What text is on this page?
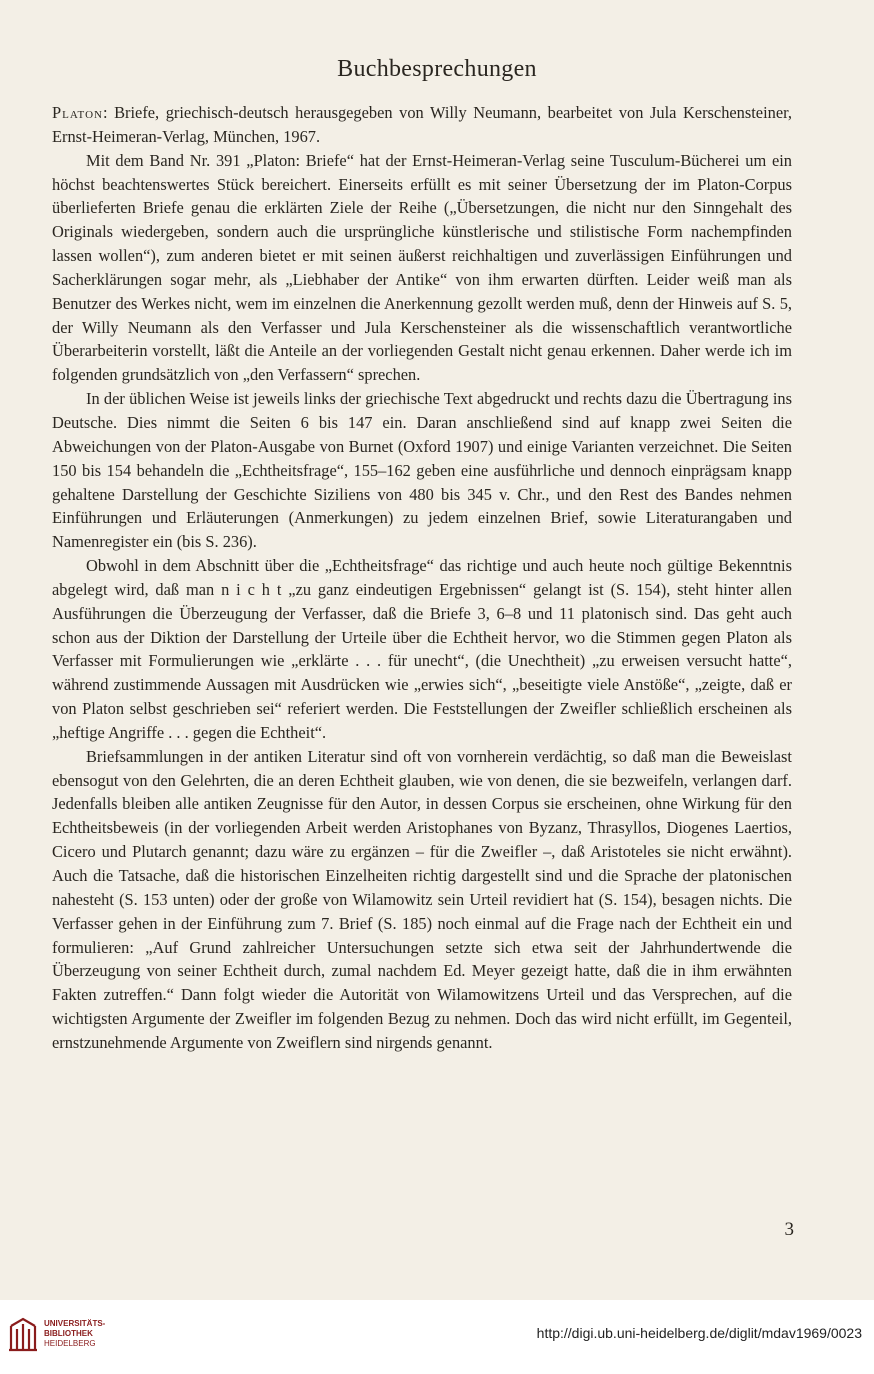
Buchbesprechungen

Platon: Briefe, griechisch-deutsch herausgegeben von Willy Neumann, bearbeitet von Jula Kerschensteiner, Ernst-Heimeran-Verlag, München, 1967.

Mit dem Band Nr. 391 „Platon: Briefe“ hat der Ernst-Heimeran-Verlag seine Tusculum-Bücherei um ein höchst beachtenswertes Stück bereichert. Einerseits erfüllt es mit seiner Übersetzung der im Platon-Corpus überlieferten Briefe genau die erklärten Ziele der Reihe („Übersetzungen, die nicht nur den Sinngehalt des Originals wiedergeben, sondern auch die ursprüngliche künstlerische und stilistische Form nachempfinden lassen wollen“), zum anderen bietet er mit seinen äußerst reichhaltigen und zuverlässigen Einführungen und Sacherklärungen sogar mehr, als „Liebhaber der Antike“ von ihm erwarten dürften. Leider weiß man als Benutzer des Werkes nicht, wem im einzelnen die Anerkennung gezollt werden muß, denn der Hinweis auf S. 5, der Willy Neumann als den Verfasser und Jula Kerschensteiner als die wissenschaftlich verantwortliche Überarbeiterin vorstellt, läßt die Anteile an der vorliegenden Gestalt nicht genau erkennen. Daher werde ich im folgenden grundsätzlich von „den Verfassern“ sprechen.

In der üblichen Weise ist jeweils links der griechische Text abgedruckt und rechts dazu die Übertragung ins Deutsche. Dies nimmt die Seiten 6 bis 147 ein. Daran anschließend sind auf knapp zwei Seiten die Abweichungen von der Platon-Ausgabe von Burnet (Oxford 1907) und einige Varianten verzeichnet. Die Seiten 150 bis 154 behandeln die „Echtheitsfrage“, 155–162 geben eine ausführliche und dennoch einprägsam knapp gehaltene Darstellung der Geschichte Siziliens von 480 bis 345 v. Chr., und den Rest des Bandes nehmen Einführungen und Erläuterungen (Anmerkungen) zu jedem einzelnen Brief, sowie Literaturangaben und Namenregister ein (bis S. 236).

Obwohl in dem Abschnitt über die „Echtheitsfrage“ das richtige und auch heute noch gültige Bekenntnis abgelegt wird, daß man n i c h t „zu ganz eindeutigen Ergebnissen“ gelangt ist (S. 154), steht hinter allen Ausführungen die Überzeugung der Verfasser, daß die Briefe 3, 6–8 und 11 platonisch sind. Das geht auch schon aus der Diktion der Darstellung der Urteile über die Echtheit hervor, wo die Stimmen gegen Platon als Verfasser mit Formulierungen wie „erklärte . . . für unecht“, (die Unechtheit) „zu erweisen versucht hatte“, während zustimmende Aussagen mit Ausdrücken wie „erwies sich“, „beseitigte viele Anstöße“, „zeigte, daß er von Platon selbst geschrieben sei“ referiert werden. Die Feststellungen der Zweifler schließlich erscheinen als „heftige Angriffe . . . gegen die Echtheit“.

Briefsammlungen in der antiken Literatur sind oft von vornherein verdächtig, so daß man die Beweislast ebensogut von den Gelehrten, die an deren Echtheit glauben, wie von denen, die sie bezweifeln, verlangen darf. Jedenfalls bleiben alle antiken Zeugnisse für den Autor, in dessen Corpus sie erscheinen, ohne Wirkung für den Echtheitsbeweis (in der vorliegenden Arbeit werden Aristophanes von Byzanz, Thrasyllos, Diogenes Laertios, Cicero und Plutarch genannt; dazu wäre zu ergänzen – für die Zweifler –, daß Aristoteles sie nicht erwähnt). Auch die Tatsache, daß die historischen Einzelheiten richtig dargestellt sind und die Sprache der platonischen nahesteht (S. 153 unten) oder der große von Wilamowitz sein Urteil revidiert hat (S. 154), besagen nichts. Die Verfasser gehen in der Einführung zum 7. Brief (S. 185) noch einmal auf die Frage nach der Echtheit ein und formulieren: „Auf Grund zahlreicher Untersuchungen setzte sich etwa seit der Jahrhundertwende die Überzeugung von seiner Echtheit durch, zumal nachdem Ed. Meyer gezeigt hatte, daß die in ihm erwähnten Fakten zutreffen.“ Dann folgt wieder die Autorität von Wilamowitzens Urteil und das Versprechen, auf die wichtigsten Argumente der Zweifler im folgenden Bezug zu nehmen. Doch das wird nicht erfüllt, im Gegenteil, ernstzunehmende Argumente von Zweiflern sind nirgends genannt.

3
UNIVERSITÄTS-
BIBLIOTHEK
HEIDELBERG
http://digi.ub.uni-heidelberg.de/diglit/mdav1969/0023
